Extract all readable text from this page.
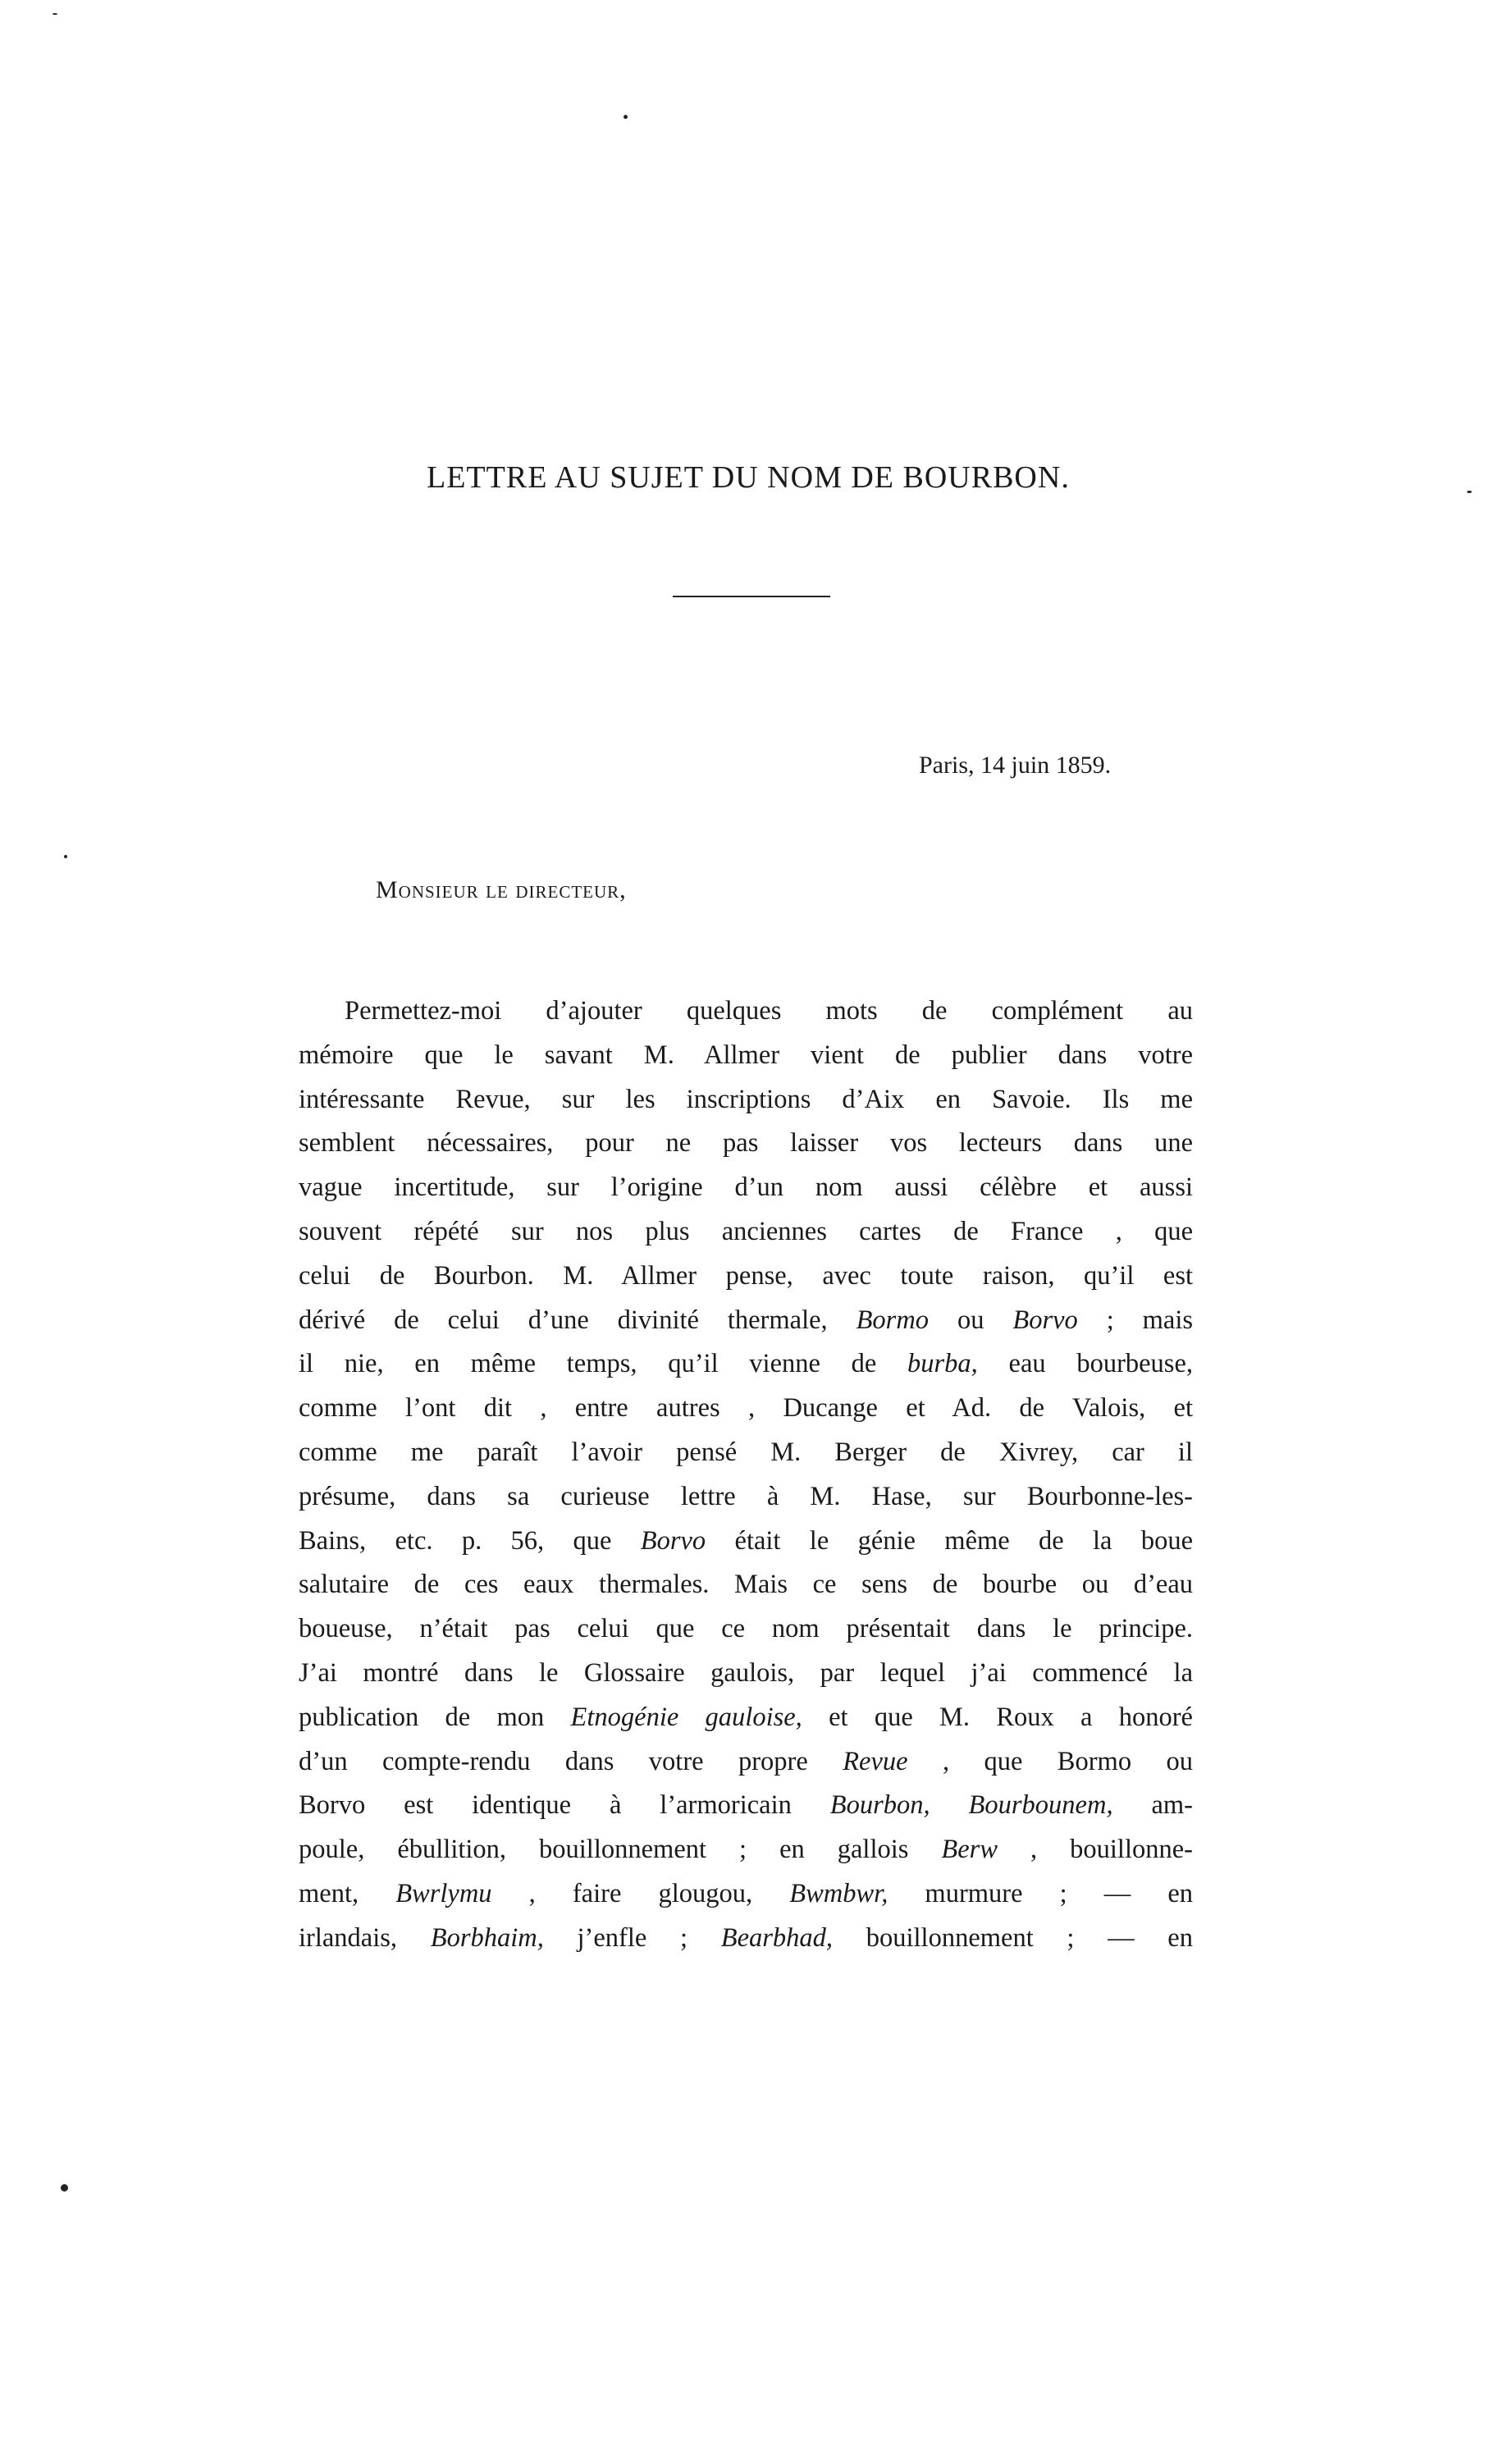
LETTRE AU SUJET DU NOM DE BOURBON.
Paris, 14 juin 1859.
Monsieur le directeur,
Permettez-moi d’ajouter quelques mots de complément au
mémoire que le savant M. Allmer vient de publier dans votre
intéressante Revue, sur les inscriptions d’Aix en Savoie. Ils me
semblent nécessaires, pour ne pas laisser vos lecteurs dans une
vague incertitude, sur l’origine d’un nom aussi célèbre et aussi
souvent répété sur nos plus anciennes cartes de France , que
celui de Bourbon. M. Allmer pense, avec toute raison, qu’il est
dérivé de celui d’une divinité thermale, Bormo ou Borvo ; mais
il nie, en même temps, qu’il vienne de burba, eau bourbeuse,
comme l’ont dit , entre autres , Ducange et Ad. de Valois, et
comme me paraît l’avoir pensé M. Berger de Xivrey, car il
présume, dans sa curieuse lettre à M. Hase, sur Bourbonne-les-
Bains, etc. p. 56, que Borvo était le génie même de la boue
salutaire de ces eaux thermales. Mais ce sens de bourbe ou d’eau
boueuse, n’était pas celui que ce nom présentait dans le principe.
J’ai montré dans le Glossaire gaulois, par lequel j’ai commencé la
publication de mon Etnogénie gauloise, et que M. Roux a honoré
d’un compte-rendu dans votre propre Revue , que Bormo ou
Borvo est identique à l’armoricain Bourbon, Bourbounem, am-
poule, ébullition, bouillonnement ; en gallois Berw , bouillonne-
ment, Bwrlymu , faire glougou, Bwmbwr, murmure ; — en
irlandais, Borbhaim, j’enfle ; Bearbhad, bouillonnement ; — en
